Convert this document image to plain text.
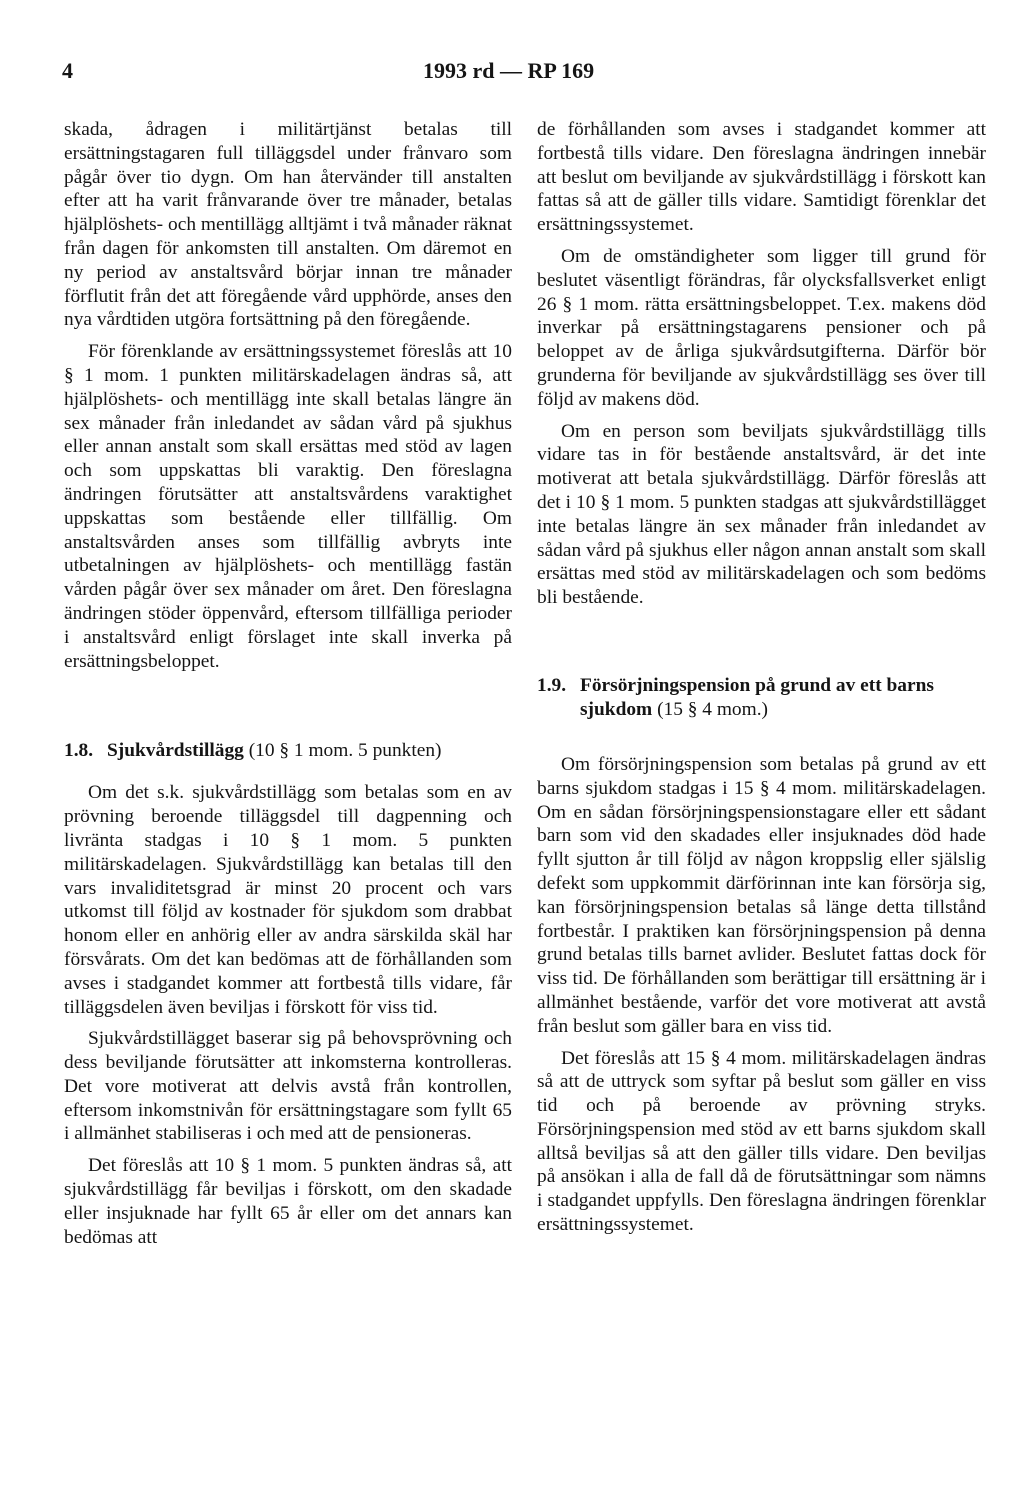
4	1993 rd — RP 169

skada, ådragen i militärtjänst betalas till ersättningstagaren full tilläggsdel under frånvaro som pågår över tio dygn. Om han återvänder till anstalten efter att ha varit frånvarande över tre månader, betalas hjälplöshets- och mentillägg alltjämt i två månader räknat från dagen för ankomsten till anstalten. Om däremot en ny period av anstaltsvård börjar innan tre månader förflutit från det att föregående vård upphörde, anses den nya vårdtiden utgöra fortsättning på den föregående.

För förenklande av ersättningssystemet föreslås att 10 § 1 mom. 1 punkten militärskadelagen ändras så, att hjälplöshets- och mentillägg inte skall betalas längre än sex månader från inledandet av sådan vård på sjukhus eller annan anstalt som skall ersättas med stöd av lagen och som uppskattas bli varaktig. Den föreslagna ändringen förutsätter att anstaltsvårdens varaktighet uppskattas som bestående eller tillfällig. Om anstaltsvården anses som tillfällig avbryts inte utbetalningen av hjälplöshets- och mentillägg fastän vården pågår över sex månader om året. Den föreslagna ändringen stöder öppenvård, eftersom tillfälliga perioder i anstaltsvård enligt förslaget inte skall inverka på ersättningsbeloppet.

1.8. Sjukvårdstillägg (10 § 1 mom. 5 punkten)

Om det s.k. sjukvårdstillägg som betalas som en av prövning beroende tilläggsdel till dagpenning och livränta stadgas i 10 § 1 mom. 5 punkten militärskadelagen. Sjukvårdstillägg kan betalas till den vars invaliditetsgrad är minst 20 procent och vars utkomst till följd av kostnader för sjukdom som drabbat honom eller en anhörig eller av andra särskilda skäl har försvårats. Om det kan bedömas att de förhållanden som avses i stadgandet kommer att fortbestå tills vidare, får tilläggsdelen även beviljas i förskott för viss tid.

Sjukvårdstillägget baserar sig på behovsprövning och dess beviljande förutsätter att inkomsterna kontrolleras. Det vore motiverat att delvis avstå från kontrollen, eftersom inkomstnivån för ersättningstagare som fyllt 65 i allmänhet stabiliseras i och med att de pensioneras.

Det föreslås att 10 § 1 mom. 5 punkten ändras så, att sjukvårdstillägg får beviljas i förskott, om den skadade eller insjuknade har fyllt 65 år eller om det annars kan bedömas att

de förhållanden som avses i stadgandet kommer att fortbestå tills vidare. Den föreslagna ändringen innebär att beslut om beviljande av sjukvårdstillägg i förskott kan fattas så att de gäller tills vidare. Samtidigt förenklar det ersättningssystemet.

Om de omständigheter som ligger till grund för beslutet väsentligt förändras, får olycksfallsverket enligt 26 § 1 mom. rätta ersättningsbeloppet. T.ex. makens död inverkar på ersättningstagarens pensioner och på beloppet av de årliga sjukvårdsutgifterna. Därför bör grunderna för beviljande av sjukvårdstillägg ses över till följd av makens död.

Om en person som beviljats sjukvårdstillägg tills vidare tas in för bestående anstaltsvård, är det inte motiverat att betala sjukvårdstillägg. Därför föreslås att det i 10 § 1 mom. 5 punkten stadgas att sjukvårdstillägget inte betalas längre än sex månader från inledandet av sådan vård på sjukhus eller någon annan anstalt som skall ersättas med stöd av militärskadelagen och som bedöms bli bestående.

1.9. Försörjningspension på grund av ett barns sjukdom (15 § 4 mom.)

Om försörjningspension som betalas på grund av ett barns sjukdom stadgas i 15 § 4 mom. militärskadelagen. Om en sådan försörjningspensionstagare eller ett sådant barn som vid den skadades eller insjuknades död hade fyllt sjutton år till följd av någon kroppslig eller själslig defekt som uppkommit därförinnan inte kan försörja sig, kan försörjningspension betalas så länge detta tillstånd fortbestår. I praktiken kan försörjningspension på denna grund betalas tills barnet avlider. Beslutet fattas dock för viss tid. De förhållanden som berättigar till ersättning är i allmänhet bestående, varför det vore motiverat att avstå från beslut som gäller bara en viss tid.

Det föreslås att 15 § 4 mom. militärskadelagen ändras så att de uttryck som syftar på beslut som gäller en viss tid och på beroende av prövning stryks. Försörjningspension med stöd av ett barns sjukdom skall alltså beviljas så att den gäller tills vidare. Den beviljas på ansökan i alla de fall då de förutsättningar som nämns i stadgandet uppfylls. Den föreslagna ändringen förenklar ersättningssystemet.
